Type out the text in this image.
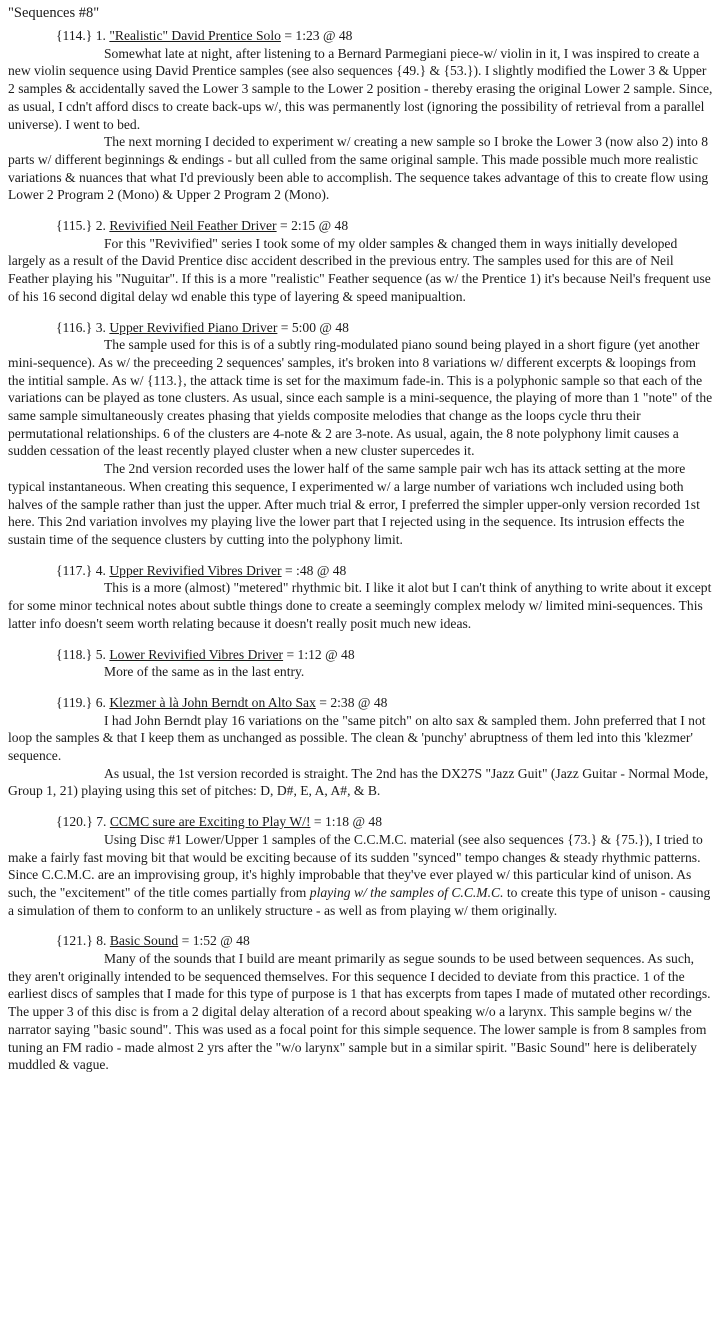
"Sequences #8"

{114.} 1. "Realistic" David Prentice Solo = 1:23 @ 48

Somewhat late at night, after listening to a Bernard Parmegiani piece-w/ violin in it, I was inspired to create a new violin sequence using David Prentice samples (see also sequences {49.} & {53.}). I slightly modified the Lower 3 & Upper 2 samples & accidentally saved the Lower 3 sample to the Lower 2 position - thereby erasing the original Lower 2 sample. Since, as usual, I cdn't afford discs to create back-ups w/, this was permanently lost (ignoring the possibility of retrieval from a parallel universe). I went to bed.

The next morning I decided to experiment w/ creating a new sample so I broke the Lower 3 (now also 2) into 8 parts w/ different beginnings & endings - but all culled from the same original sample. This made possible much more realistic variations & nuances that what I'd previously been able to accomplish. The sequence takes advantage of this to create flow using Lower 2 Program 2 (Mono) & Upper 2 Program 2 (Mono).

{115.} 2. Revivified Neil Feather Driver = 2:15 @ 48

For this "Revivified" series I took some of my older samples & changed them in ways initially developed largely as a result of the David Prentice disc accident described in the previous entry. The samples used for this are of Neil Feather playing his "Nuguitar". If this is a more "realistic" Feather sequence (as w/ the Prentice 1) it's because Neil's frequent use of his 16 second digital delay wd enable this type of layering & speed manipualtion.

{116.} 3. Upper Revivified Piano Driver = 5:00 @ 48

The sample used for this is of a subtly ring-modulated piano sound being played in a short figure (yet another mini-sequence). As w/ the preceeding 2 sequences' samples, it's broken into 8 variations w/ different excerpts & loopings from the intitial sample. As w/ {113.}, the attack time is set for the maximum fade-in. This is a polyphonic sample so that each of the variations can be played as tone clusters. As usual, since each sample is a mini-sequence, the playing of more than 1 "note" of the same sample simultaneously creates phasing that yields composite melodies that change as the loops cycle thru their permutational relationships. 6 of the clusters are 4-note & 2 are 3-note. As usual, again, the 8 note polyphony limit causes a sudden cessation of the least recently played cluster when a new cluster supercedes it.

The 2nd version recorded uses the lower half of the same sample pair wch has its attack setting at the more typical instantaneous. When creating this sequence, I experimented w/ a large number of variations wch included using both halves of the sample rather than just the upper. After much trial & error, I preferred the simpler upper-only version recorded 1st here. This 2nd variation involves my playing live the lower part that I rejected using in the sequence. Its intrusion effects the sustain time of the sequence clusters by cutting into the polyphony limit.

{117.} 4. Upper Revivified Vibres Driver = :48 @ 48

This is a more (almost) "metered" rhythmic bit. I like it alot but I can't think of anything to write about it except for some minor technical notes about subtle things done to create a seemingly complex melody w/ limited mini-sequences. This latter info doesn't seem worth relating because it doesn't really posit much new ideas.

{118.} 5. Lower Revivified Vibres Driver = 1:12 @ 48

More of the same as in the last entry.

{119.} 6. Klezmer à là John Berndt on Alto Sax = 2:38 @ 48

I had John Berndt play 16 variations on the "same pitch" on alto sax & sampled them. John preferred that I not loop the samples & that I keep them as unchanged as possible. The clean & 'punchy' abruptness of them led into this 'klezmer' sequence.

As usual, the 1st version recorded is straight. The 2nd has the DX27S "Jazz Guit" (Jazz Guitar - Normal Mode, Group 1, 21) playing using this set of pitches: D, D#, E, A, A#, & B.

{120.} 7. CCMC sure are Exciting to Play W/! = 1:18 @ 48

Using Disc #1 Lower/Upper 1 samples of the C.C.M.C. material (see also sequences {73.} & {75.}), I tried to make a fairly fast moving bit that would be exciting because of its sudden "synced" tempo changes & steady rhythmic patterns. Since C.C.M.C. are an improvising group, it's highly improbable that they've ever played w/ this particular kind of unison. As such, the "excitement" of the title comes partially from playing w/ the samples of C.C.M.C. to create this type of unison - causing a simulation of them to conform to an unlikely structure - as well as from playing w/ them originally.

{121.} 8. Basic Sound = 1:52 @ 48

Many of the sounds that I build are meant primarily as segue sounds to be used between sequences. As such, they aren't originally intended to be sequenced themselves. For this sequence I decided to deviate from this practice. 1 of the earliest discs of samples that I made for this type of purpose is 1 that has excerpts from tapes I made of mutated other recordings. The upper 3 of this disc is from a 2 digital delay alteration of a record about speaking w/o a larynx. This sample begins w/ the narrator saying "basic sound". This was used as a focal point for this simple sequence. The lower sample is from 8 samples from tuning an FM radio - made almost 2 yrs after the "w/o larynx" sample but in a similar spirit. "Basic Sound" here is deliberately muddled & vague.
